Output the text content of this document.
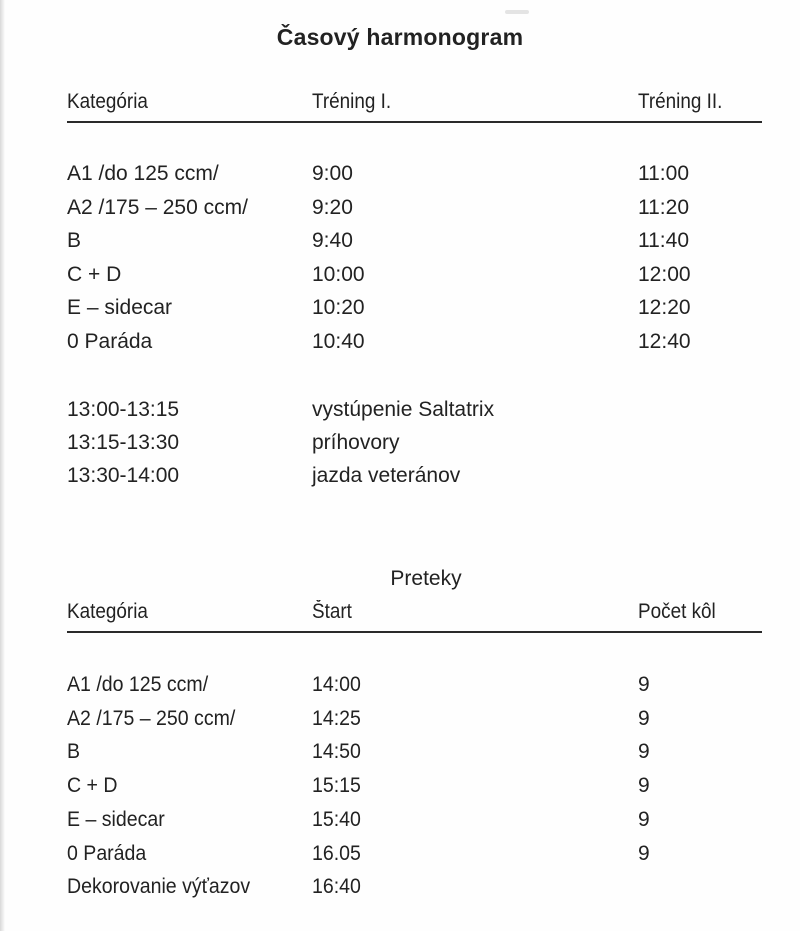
Časový harmonogram
Kategória	Tréning I.	Tréning II.
A1 /do 125 ccm/	9:00	11:00
A2 /175 – 250 ccm/	9:20	11:20
B	9:40	11:40
C + D	10:00	12:00
E – sidecar	10:20	12:20
0 Paráda	10:40	12:40
13:00-13:15	vystúpenie Saltatrix
13:15-13:30	príhovory
13:30-14:00	jazda veteránov
Preteky
Kategória	Štart	Počet kôl
A1 /do 125 ccm/	14:00	9
A2 /175 – 250 ccm/	14:25	9
B	14:50	9
C + D	15:15	9
E – sidecar	15:40	9
0 Paráda	16.05	9
Dekorovanie výťazov	16:40
